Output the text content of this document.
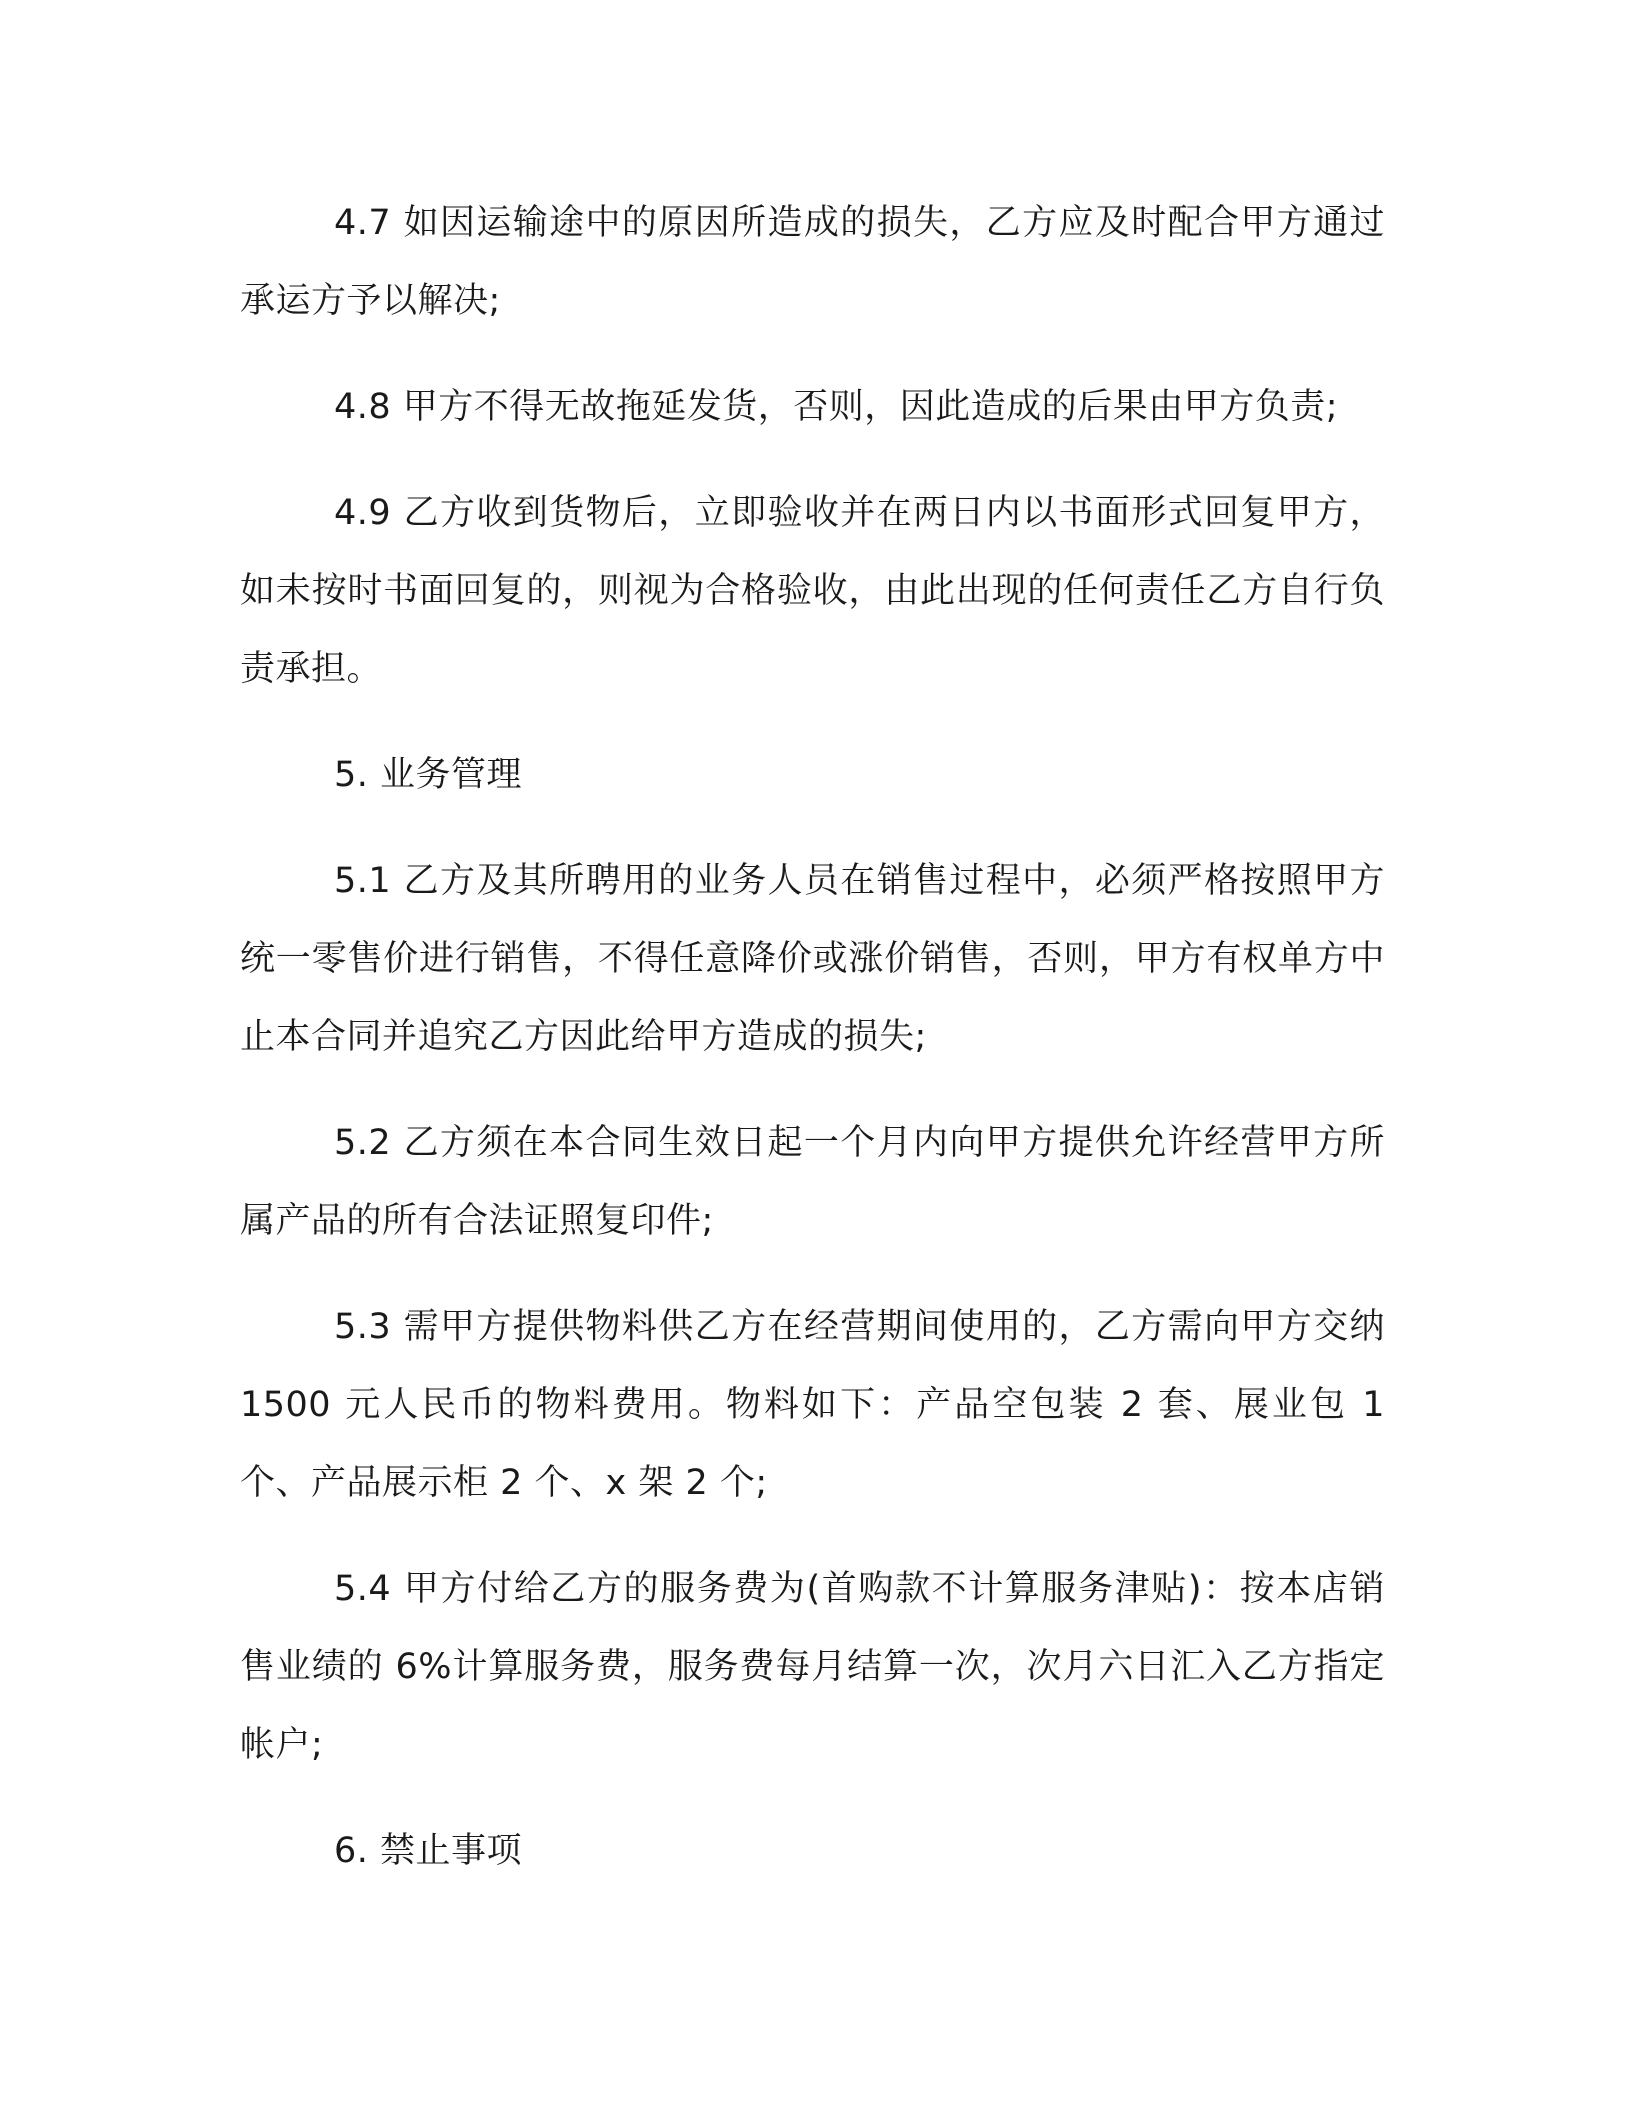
4.7 如因运输途中的原因所造成的损失，乙方应及时配合甲方通过承运方予以解决;

4.8 甲方不得无故拖延发货，否则，因此造成的后果由甲方负责;

4.9 乙方收到货物后，立即验收并在两日内以书面形式回复甲方，如未按时书面回复的，则视为合格验收，由此出现的任何责任乙方自行负责承担。

5. 业务管理

5.1 乙方及其所聘用的业务人员在销售过程中，必须严格按照甲方统一零售价进行销售，不得任意降价或涨价销售，否则，甲方有权单方中止本合同并追究乙方因此给甲方造成的损失;

5.2 乙方须在本合同生效日起一个月内向甲方提供允许经营甲方所属产品的所有合法证照复印件;

5.3 需甲方提供物料供乙方在经营期间使用的，乙方需向甲方交纳 1500 元人民币的物料费用。物料如下：产品空包装 2 套、展业包 1 个、产品展示柜 2 个、x 架 2 个;

5.4 甲方付给乙方的服务费为(首购款不计算服务津贴)：按本店销售业绩的 6%计算服务费，服务费每月结算一次，次月六日汇入乙方指定帐户;

6. 禁止事项
